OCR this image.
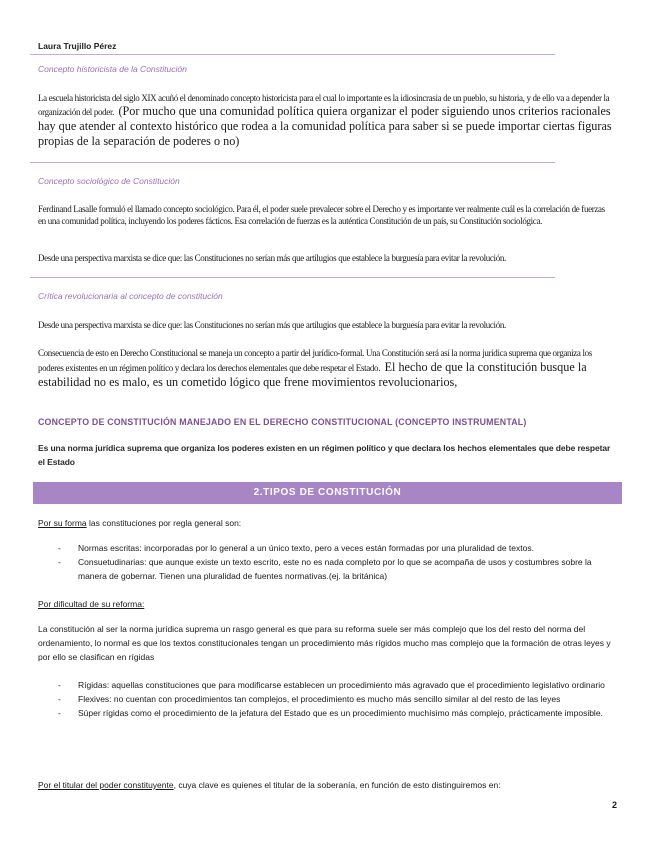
Laura Trujillo Pérez
Concepto historicista de la Constitución
La escuela historicista del siglo XIX acuñó el denominado concepto historicista para el cual lo importante es la idiosincrasia de un pueblo, su historia, y de ello va a depender la organización del poder. (Por mucho que una comunidad política quiera organizar el poder siguiendo unos criterios racionales hay que atender al contexto histórico que rodea a la comunidad política para saber si se puede importar ciertas figuras propias de la separación de poderes o no)
Concepto sociológico de Constitución
Ferdinand Lasalle formuló el llamado concepto sociológico. Para él, el poder suele prevalecer sobre el Derecho y es importante ver realmente cuál es la correlación de fuerzas en una comunidad política, incluyendo los poderes fácticos. Esa correlación de fuerzas es la auténtica Constitución de un país, su Constitución sociológica.
Desde una perspectiva marxista se dice que: las Constituciones no serían más que artilugios que establece la burguesía para evitar la revolución.
Crítica revolucionaria al concepto de constitución
Desde una perspectiva marxista se dice que: las Constituciones no serían más que artilugios que establece la burguesía para evitar la revolución.
Consecuencia de esto en Derecho Constitucional se maneja un concepto a partir del jurídico-formal. Una Constitución será así la norma jurídica suprema que organiza los poderes existentes en un régimen político y declara los derechos elementales que debe respetar el Estado. El hecho de que la constitución busque la estabilidad no es malo, es un cometido lógico que frene movimientos revolucionarios,
CONCEPTO DE CONSTITUCIÓN MANEJADO EN EL DERECHO CONSTITUCIONAL (CONCEPTO INSTRUMENTAL)
Es una norma jurídica suprema que organiza los poderes existen en un régimen político y que declara los hechos elementales que debe respetar el Estado
2.TIPOS DE CONSTITUCIÓN
Por su forma las constituciones por regla general son:
- Normas escritas: incorporadas por lo general a un único texto, pero a veces están formadas por una pluralidad de textos.
- Consuetudinarias: que aunque existe un texto escrito, este no es nada completo por lo que se acompaña de usos y costumbres sobre la manera de gobernar. Tienen una pluralidad de fuentes normativas.(ej. la británica)
Por dificultad de su reforma:
La constitución al ser la norma jurídica suprema un rasgo general es que para su reforma suele ser más complejo que los del resto del norma del ordenamiento, lo normal es que los textos constitucionales tengan un procedimiento más rígidos mucho mas complejo que la formación de otras leyes y por ello se clasifican en rígidas
- Rígidas: aquellas constituciones que para modificarse establecen un procedimiento más agravado que el procedimiento legislativo ordinario
- Flexives: no cuentan con procedimientos tan complejos, el procedimiento es mucho más sencillo similar al del resto de las leyes
- Súper rígidas como el procedimiento de la jefatura del Estado que es un procedimiento muchísimo más complejo, prácticamente imposible.
Por el titular del poder constituyente, cuya clave es quienes el titular de la soberanía, en función de esto distinguiremos en:
2
